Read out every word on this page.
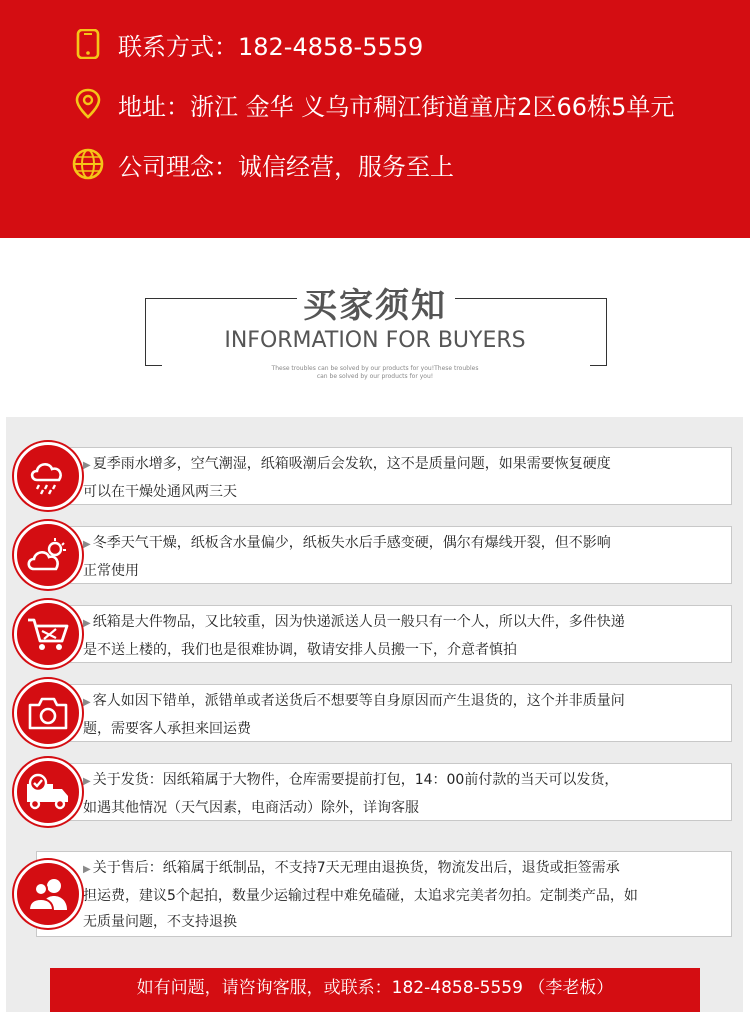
联系方式：182-4858-5559
地址：浙江 金华 义乌市稠江街道童店2区66栋5单元
公司理念：诚信经营，服务至上
买家须知
INFORMATION FOR BUYERS
These troubles can be solved by our products for you!These troubles
can be solved by our products for you!
▶ 夏季雨水增多，空气潮湿，纸箱吸潮后会发软，这不是质量问题，如果需要恢复硬度
可以在干燥处通风两三天
▶ 冬季天气干燥，纸板含水量偏少，纸板失水后手感变硬，偶尔有爆线开裂，但不影响
正常使用
▶ 纸箱是大件物品，又比较重，因为快递派送人员一般只有一个人，所以大件，多件快递
是不送上楼的，我们也是很难协调，敬请安排人员搬一下，介意者慎拍
▶ 客人如因下错单，派错单或者送货后不想要等自身原因而产生退货的，这个并非质量问
题，需要客人承担来回运费
▶ 关于发货：因纸箱属于大物件，仓库需要提前打包，14：00前付款的当天可以发货，
如遇其他情况（天气因素，电商活动）除外，详询客服
▶ 关于售后：纸箱属于纸制品，不支持7天无理由退换货，物流发出后，退货或拒签需承
担运费，建议5个起拍，数量少运输过程中难免磕碰，太追求完美者勿拍。定制类产品，如
无质量问题，不支持退换
如有问题，请咨询客服，或联系：182-4858-5559 （李老板）
